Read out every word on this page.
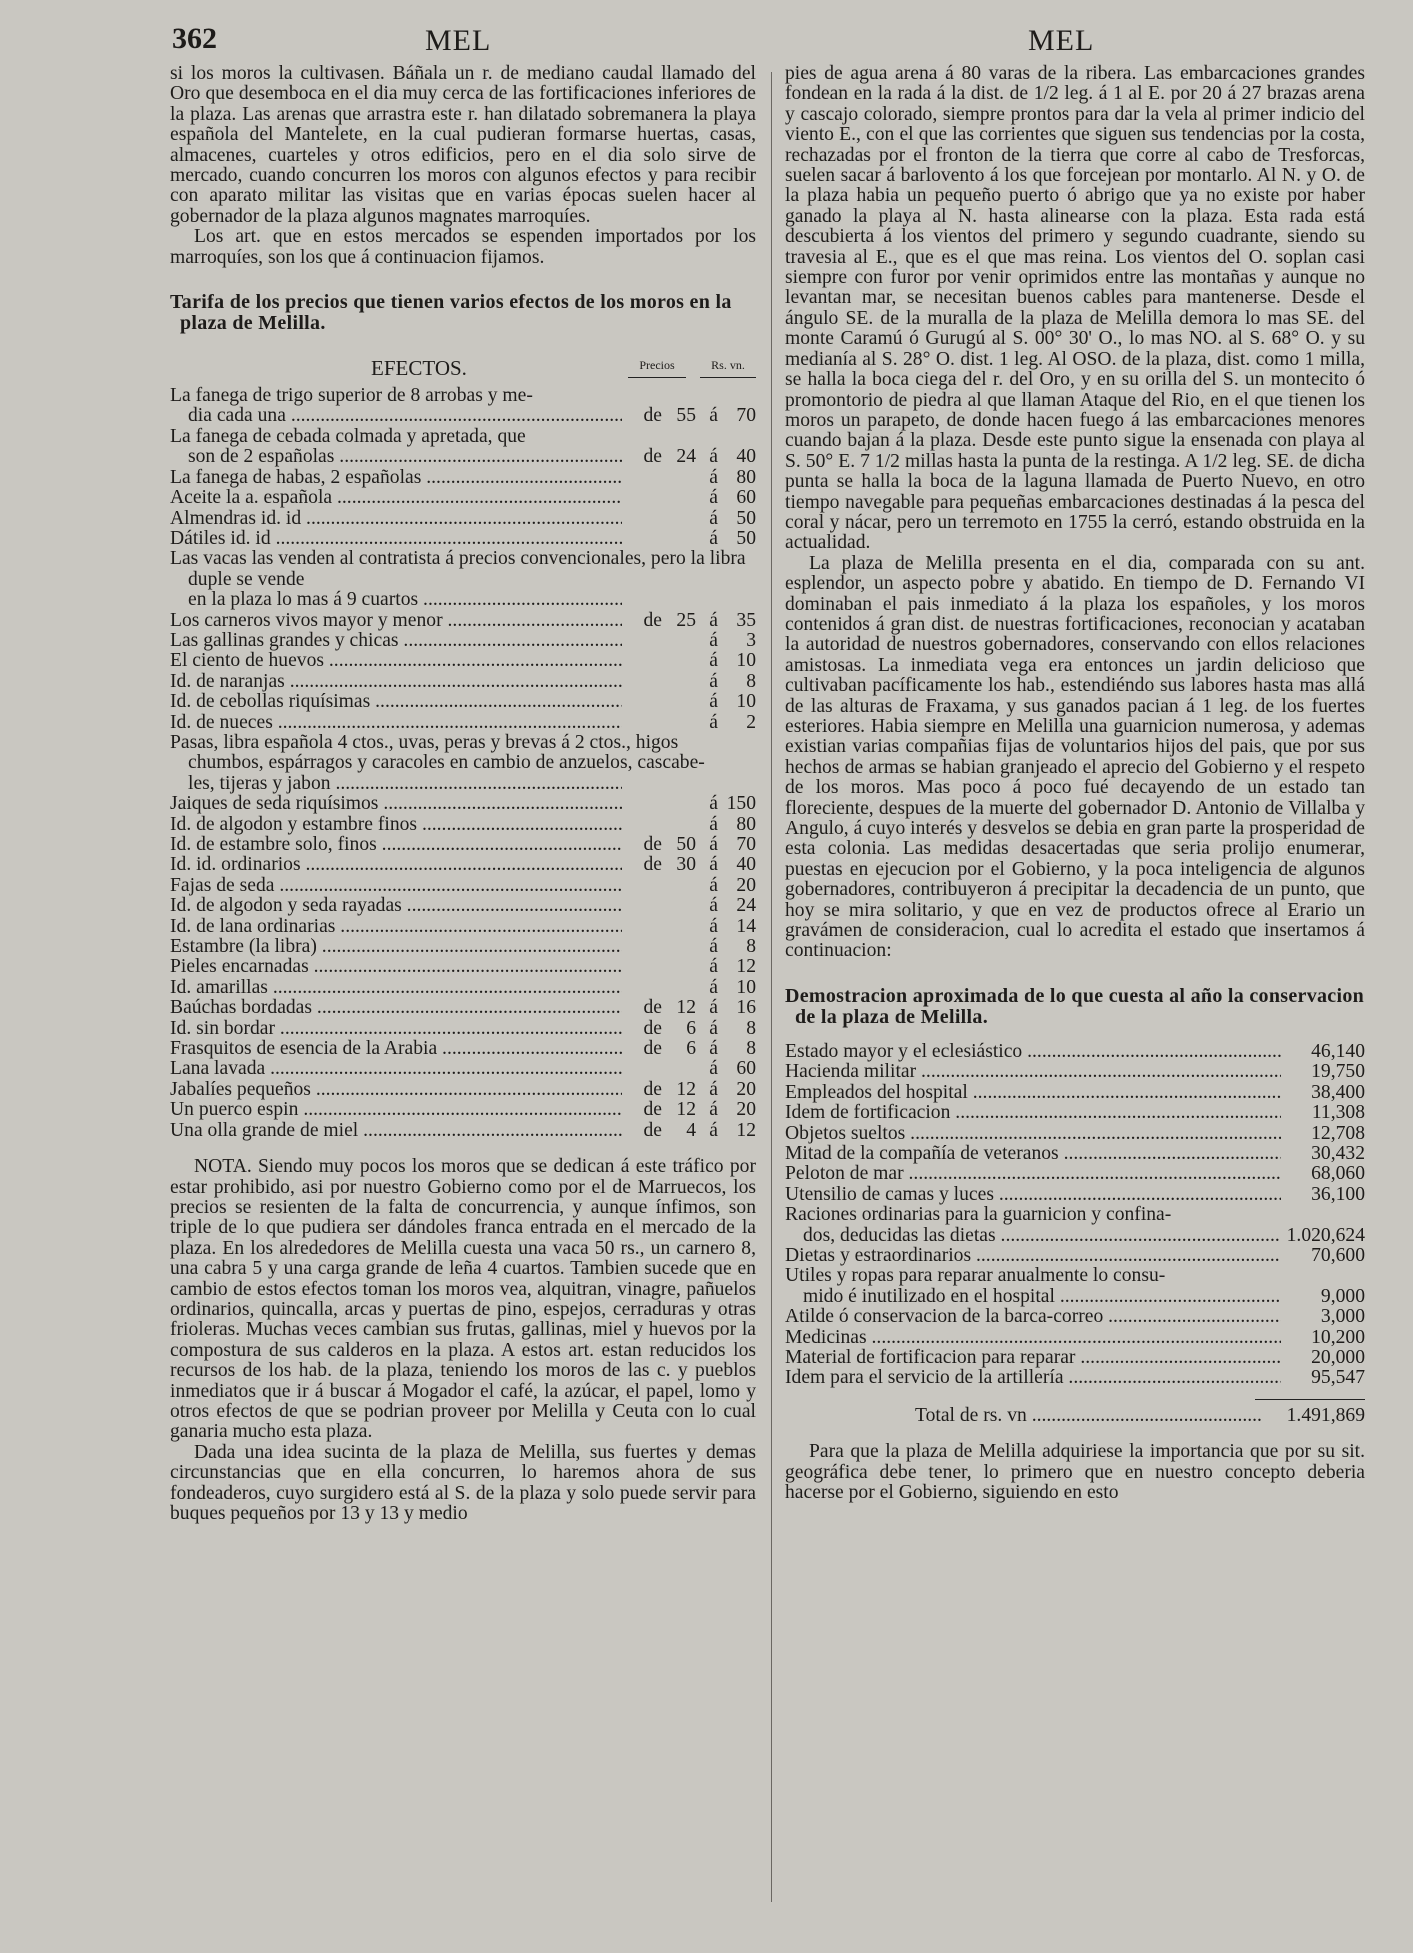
362	MEL	MEL

si los moros la cultivasen. Báñala un r. de mediano caudal llamado del Oro que desemboca en el dia muy cerca de las fortificaciones inferiores de la plaza. Las arenas que arrastra este r. han dilatado sobremanera la playa española del Mantelete, en la cual pudieran formarse huertas, casas, almacenes, cuarteles y otros edificios, pero en el dia solo sirve de mercado, cuando concurren los moros con algunos efectos y para recibir con aparato militar las visitas que en varias épocas suelen hacer al gobernador de la plaza algunos magnates marroquíes.

Los art. que en estos mercados se espenden importados por los marroquíes, son los que á continuacion fijamos.

Tarifa de los precios que tienen varios efectos de los moros en la plaza de Melilla.
EFECTOS.	Precios	Rs. vn.
La fanega de trigo superior de 8 arrobas y me-
dia cada una .....	de 55 á 70
La fanega de cebada colmada y apretada, que
son de 2 españolas .....	de 24 á 40
La fanega de habas, 2 españolas .....	á 80
Aceite la a. española .....	á 60
Almendras id. id .....	á 50
Dátiles id. id .....	á 50
Las vacas las venden al contratista á precios convencionales, pero la libra duple se vende
en la plaza lo mas á 9 cuartos .....
Los carneros vivos mayor y menor .....	de 25 á 35
Las gallinas grandes y chicas .....	á	3
El ciento de huevos .....	á 10
Id. de naranjas .....	á	8
Id. de cebollas riquísimas .....	á 10
Id. de nueces .....	á	2
Pasas, libra española 4 ctos., uvas, peras y brevas á 2 ctos., higos chumbos, espárragos y caracoles en cambio de anzuelos, cascabe-
les, tijeras y jabon .....
Jaiques de seda riquísimos .....	á 150
Id. de algodon y estambre finos .....	á 80
Id. de estambre solo, finos .....	de 50 á 70
Id. id. ordinarios .....	de 30 á 40
Fajas de seda .....	á 20
Id. de algodon y seda rayadas .....	á 24
Id. de lana ordinarias .....	á 14
Estambre (la libra) .....	á	8
Pieles encarnadas .....	á 12
Id. amarillas .....	á 10
Baúchas bordadas .....	de 12 á 16
Id. sin bordar .....	de	6 á	8
Frasquitos de esencia de la Arabia .....	de	6 á	8
Lana lavada .....	á 60
Jabalíes pequeños .....	de 12 á 20
Un puerco espin .....	de 12 á 20
Una olla grande de miel .....	de	4 á 12

NOTA. Siendo muy pocos los moros que se dedican á este tráfico por estar prohibido, asi por nuestro Gobierno como por el de Marruecos, los precios se resienten de la falta de concurrencia, y aunque ínfimos, son triple de lo que pudiera ser dándoles franca entrada en el mercado de la plaza. En los alrededores de Melilla cuesta una vaca 50 rs., un carnero 8, una cabra 5 y una carga grande de leña 4 cuartos. Tambien sucede que en cambio de estos efectos toman los moros vea, alquitran, vinagre, pañuelos ordinarios, quincalla, arcas y puertas de pino, espejos, cerraduras y otras frioleras. Muchas veces cambian sus frutas, gallinas, miel y huevos por la compostura de sus calderos en la plaza. A estos art. estan reducidos los recursos de los hab. de la plaza, teniendo los moros de las c. y pueblos inmediatos que ir á buscar á Mogador el café, la azúcar, el papel, lomo y otros efectos de que se podrian proveer por Melilla y Ceuta con lo cual ganaria mucho esta plaza.

Dada una idea sucinta de la plaza de Melilla, sus fuertes y demas circunstancias que en ella concurren, lo haremos ahora de sus fondeaderos, cuyo surgidero está al S. de la plaza y solo puede servir para buques pequeños por 13 y 13 y medio

pies de agua arena á 80 varas de la ribera. Las embarcaciones grandes fondean en la rada á la dist. de 1/2 leg. á 1 al E. por 20 á 27 brazas arena y cascajo colorado, siempre prontos para dar la vela al primer indicio del viento E., con el que las corrientes que siguen sus tendencias por la costa, rechazadas por el fronton de la tierra que corre al cabo de Tresforcas, suelen sacar á barlovento á los que forcejean por montarlo. Al N. y O. de la plaza habia un pequeño puerto ó abrigo que ya no existe por haber ganado la playa al N. hasta alinearse con la plaza. Esta rada está descubierta á los vientos del primero y segundo cuadrante, siendo su travesia al E., que es el que mas reina. Los vientos del O. soplan casi siempre con furor por venir oprimidos entre las montañas y aunque no levantan mar, se necesitan buenos cables para mantenerse. Desde el ángulo SE. de la muralla de la plaza de Melilla demora lo mas SE. del monte Caramú ó Gurugú al S. 00° 30' O., lo mas NO. al S. 68° O. y su medianía al S. 28° O. dist. 1 leg. Al OSO. de la plaza, dist. como 1 milla, se halla la boca ciega del r. del Oro, y en su orilla del S. un montecito ó promontorio de piedra al que llaman Ataque del Rio, en el que tienen los moros un parapeto, de donde hacen fuego á las embarcaciones menores cuando bajan á la plaza. Desde este punto sigue la ensenada con playa al S. 50° E. 7 1/2 millas hasta la punta de la restinga. A 1/2 leg. SE. de dicha punta se halla la boca de la laguna llamada de Puerto Nuevo, en otro tiempo navegable para pequeñas embarcaciones destinadas á la pesca del coral y nácar, pero un terremoto en 1755 la cerró, estando obstruida en la actualidad.

La plaza de Melilla presenta en el dia, comparada con su ant. esplendor, un aspecto pobre y abatido. En tiempo de D. Fernando VI dominaban el pais inmediato á la plaza los españoles, y los moros contenidos á gran dist. de nuestras fortificaciones, reconocian y acataban la autoridad de nuestros gobernadores, conservando con ellos relaciones amistosas. La inmediata vega era entonces un jardin delicioso que cultivaban pacíficamente los hab., estendiéndo sus labores hasta mas allá de las alturas de Fraxama, y sus ganados pacian á 1 leg. de los fuertes esteriores. Habia siempre en Melilla una guarnicion numerosa, y ademas existian varias compañias fijas de voluntarios hijos del pais, que por sus hechos de armas se habian granjeado el aprecio del Gobierno y el respeto de los moros. Mas poco á poco fué decayendo de un estado tan floreciente, despues de la muerte del gobernador D. Antonio de Villalba y Angulo, á cuyo interés y desvelos se debia en gran parte la prosperidad de esta colonia. Las medidas desacertadas que seria prolijo enumerar, puestas en ejecucion por el Gobierno, y la poca inteligencia de algunos gobernadores, contribuyeron á precipitar la decadencia de un punto, que hoy se mira solitario, y que en vez de productos ofrece al Erario un gravámen de consideracion, cual lo acredita el estado que insertamos á continuacion:

Demostracion aproximada de lo que cuesta al año la conservacion de la plaza de Melilla.
Estado mayor y el eclesiástico .....	46,140
Hacienda militar .....	19,750
Empleados del hospital .....	38,400
Idem de fortificacion .....	11,308
Objetos sueltos .....	12,708
Mitad de la compañía de veteranos .....	30,432
Peloton de mar .....	68,060
Utensilio de camas y luces .....	36,100
Raciones ordinarias para la guarnicion y confina-
dos, deducidas las dietas .....	1.020,624
Dietas y estraordinarios .....	70,600
Utiles y ropas para reparar anualmente lo consu-
mido é inutilizado en el hospital .....	9,000
Atilde ó conservacion de la barca-correo .....	3,000
Medicinas .....	10,200
Material de fortificacion para reparar .....	20,000
Idem para el servicio de la artillería .....	95,547
Total de rs. vn .....	1.491,869

Para que la plaza de Melilla adquiriese la importancia que por su sit. geográfica debe tener, lo primero que en nuestro concepto deberia hacerse por el Gobierno, siguiendo en esto
